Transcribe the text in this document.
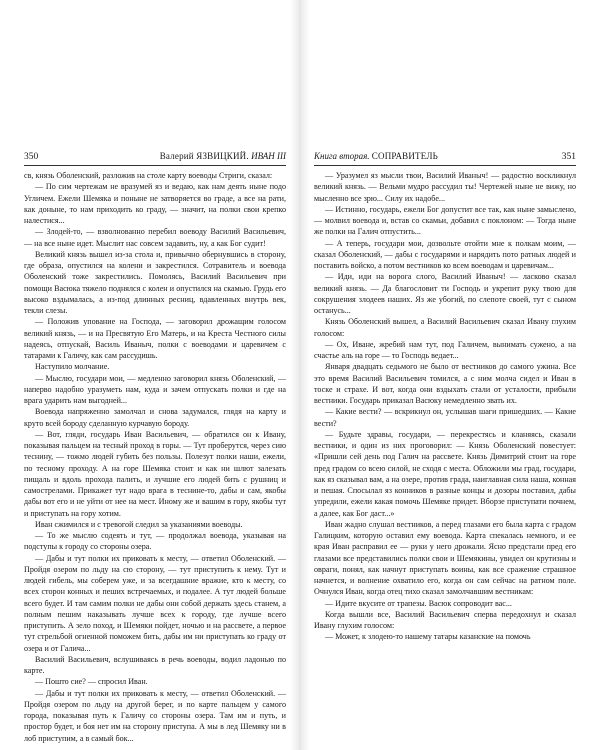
350	Валерий ЯЗВИЦКИЙ. ИВАН III

св, князь Оболенский, разложив на столе карту воеводы Стриги, сказал:

— По сим чертежам не вразумей яз и ведаю, как нам деять ныне подо Угличем. Ежели Шемяка и поныне не затворяется во граде, а все на рати, как доныне, то нам приходить ко граду, — значит, на полки свои крепко налестися...

— Злодей-то, — взволнованно перебил воеводу Василий Васильевич, — на все ныне идет. Мыслит нас совсем задавить, ну, а как Бог судит!

Великий князь вышел из-за стола и, привычно обернувшись в сторону, где образа, опустился на колени и закрестился. Сотравитель и воевода Оболенский тоже закрестились. Помолясь, Василий Васильевич при помощи Васюка тяжело поднялся с колен и опустился на скамью. Грудь его высоко вздымалась, а из-под длинных ресниц, вдавленных внутрь век, текли слезы.

— Положив упование на Господа, — заговорил дрожащим голосом великий князь, — и на Пресвятую Его Матерь, и на Креста Честного силы надеясь, отпускай, Василь Иваныч, полки с воеводами и царевичем с татарами к Галичу, как сам рассудишь.

Наступило молчание.

— Мыслю, государи мои, — медленно заговорил князь Оболенский, — наперво надобно уразуметь нам, куда и зачем отпускать полки и где на врага ударить нам выгодней...

Воевода напряженно замолчал и снова задумался, глядя на карту и круто всей бороду сделанную курчавую бороду.

— Вот, гляди, государь Иван Васильевич, — обратился он к Ивану, показывая пальцем на тесный проход в горы. — Тут проберутся, через сию теснину, — тожмо людей губить без пользы. Полезут полки наши, ежели, по тесному проходу. А на горе Шемяка стоит и как ни шлют залезать пищаль и вдоль прохода палить, и лучшие его людей бить с рушниц и самострелами. Прикажет тут надо врага в теснине-то, дабы и сам, якобы дабы вот его и не уйти от нее на мест. Иному же и вашим в гору, якобы тут и приступать на гору хотим.

Иван сжимился и с тревогой следил за указаниями воеводы.

— То же мыслю содеять и тут, — продолжал воевода, указывая на подступы к городу со стороны озера.

— Дабы и тут полки их приковать к месту, — ответил Оболенский. — Пройдя озером по льду на сю сторону, — тут приступить к нему. Тут и людей гибель, мы соберем уже, и за всегдашние вражие, кто к месту, со всех сторон конных и пеших встречаемых, и подалее. А тут людей больше всего будет. И там самим полки не дабы они собой держать здесь станем, а полным пешим наказывать лучше всех к городу, где лучше всего приступить. А зело поход, и Шемяки пойдет, ночью и на рассвете, а первое тут стрельбой огненной поможем бить, дабы им ни приступать ко граду от озера и от Галича...

Василий Васильевич, вслушиваясь в речь воеводы, водил ладонью по карте.

— Пошто сие? — спросил Иван.

— Дабы и тут полки их приковать к месту, — ответил Оболенский. — Пройдя озером по льду на другой берег, и по карте пальцем у самого города, показывая путь к Галичу со стороны озера. Там им и путь, и простор будет, и боя нет им на сторону приступа. А мы в лед Шемяку ни в лоб приступим, а в самый бок...

Книга вторая. СОПРАВИТЕЛЬ	351

— Уразумел яз мысли твои, Василий Иваныч! — радостно воскликнул великий князь. — Вельми мудро рассудил ты! Чертежей ныне не вижу, но мысленно все зрю... Силу их надобе...

— Истинно, государь, ежели Бог допустит все так, как ныне замыслено, — молвил воевода и, встав со скамьи, добавил с поклоном: — Тогда ныне же полки на Галич отпустить...

— А теперь, государи мои, дозвольте отойти мне к полкам моим, — сказал Оболенский, — дабы с государями и нарядить пото ратных людей и поставить войско, а потом вестников ко всем воеводам и царевичам...

— Иди, иди на ворога слого, Василий Иваныч! — ласково сказал великий князь. — Да благословит ти Господь и укрепит руку твою для сокрушения злодеев наших. Яз же убогий, по слепоте своей, тут с сыном останусь...

Князь Оболенский вышел, а Василий Васильевич сказал Ивану глухим голосом:

— Ох, Иване, жребий нам тут, под Галичем, вынимать сужено, а на счастье аль на горе — то Господь ведает...

Января двадцать седьмого не было от вестников до самого ужина. Все это время Василий Васильевич томился, а с ним молча сидел и Иван в тоске и страхе. И вот, когда они вздыхать стали от усталости, прибыли вестники. Государь приказал Васюку немедленно звать их.

— Какие вести? — вскрикнул он, услышав шаги пришедших. — Какие вести?

— Будьте здравы, государи, — перекрестясь и кланяясь, сказали вестники, и один из них проговорил: — Князь Оболенский повестует: «Пришли сей день под Галич на рассвете. Князь Димитрий стоит на горе пред градом со всею силой, не сходя с места. Обложили мы град, государи, как яз сказывал вам, а на озере, против града, наиглавная сила наша, конная и пешая. Спосылал яз конников в разные концы и дозоры поставил, дабы упредили, ежели какая помочь Шемяке придет. Вборзе приступати почнем, а далее, как Бог даст...»

Иван жадно слушал вестников, а перед глазами его была карта с градом Галицким, которую оставил ему воевода. Карта спекалась немного, и ее края Иван расправил ее — руки у него дрожали. Ясно предстали пред его глазами все представились полки свои и Шемякины, увидел он крутизны и овраги, понял, как начнут приступать воины, как все сражение страшное начнется, и волнение охватило его, когда он сам сейчас на ратном поле. Очнулся Иван, когда отец тихо сказал замолчавшим вестникам:

— Идите вкусите от трапезы. Васюк сопроводит вас...

Когда вышли все, Василий Васильевич сперва передохнул и сказал Ивану глухим голосом:

— Может, к злодею-то нашему татары казанские на помочь
